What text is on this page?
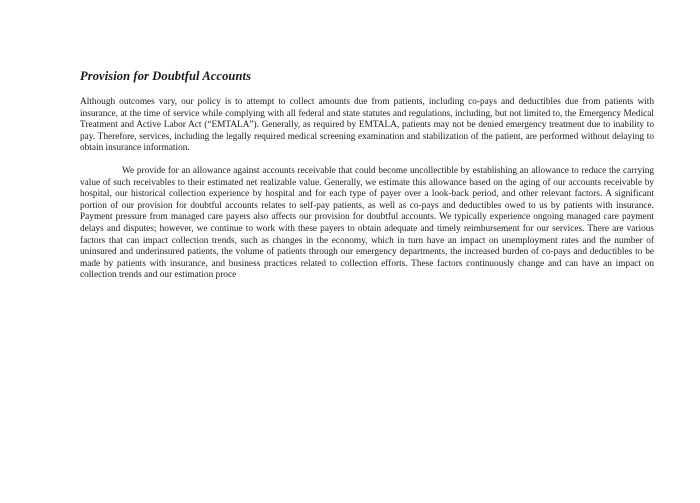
Provision for Doubtful Accounts

Although outcomes vary, our policy is to attempt to collect amounts due from patients, including co-pays and deductibles due from patients with insurance, at the time of service while complying with all federal and state statutes and regulations, including, but not limited to, the Emergency Medical Treatment and Active Labor Act (“EMTALA”). Generally, as required by EMTALA, patients may not be denied emergency treatment due to inability to pay. Therefore, services, including the legally required medical screening examination and stabilization of the patient, are performed without delaying to obtain insurance information.

We provide for an allowance against accounts receivable that could become uncollectible by establishing an allowance to reduce the carrying value of such receivables to their estimated net realizable value. Generally, we estimate this allowance based on the aging of our accounts receivable by hospital, our historical collection experience by hospital and for each type of payer over a look-back period, and other relevant factors. A significant portion of our provision for doubtful accounts relates to self-pay patients, as well as co-pays and deductibles owed to us by patients with insurance. Payment pressure from managed care payers also affects our provision for doubtful accounts. We typically experience ongoing managed care payment delays and disputes; however, we continue to work with these payers to obtain adequate and timely reimbursement for our services. There are various factors that can impact collection trends, such as changes in the economy, which in turn have an impact on unemployment rates and the number of uninsured and underinsured patients, the volume of patients through our emergency departments, the increased burden of co-pays and deductibles to be made by patients with insurance, and business practices related to collection efforts. These factors continuously change and can have an impact on collection trends and our estimation proce
